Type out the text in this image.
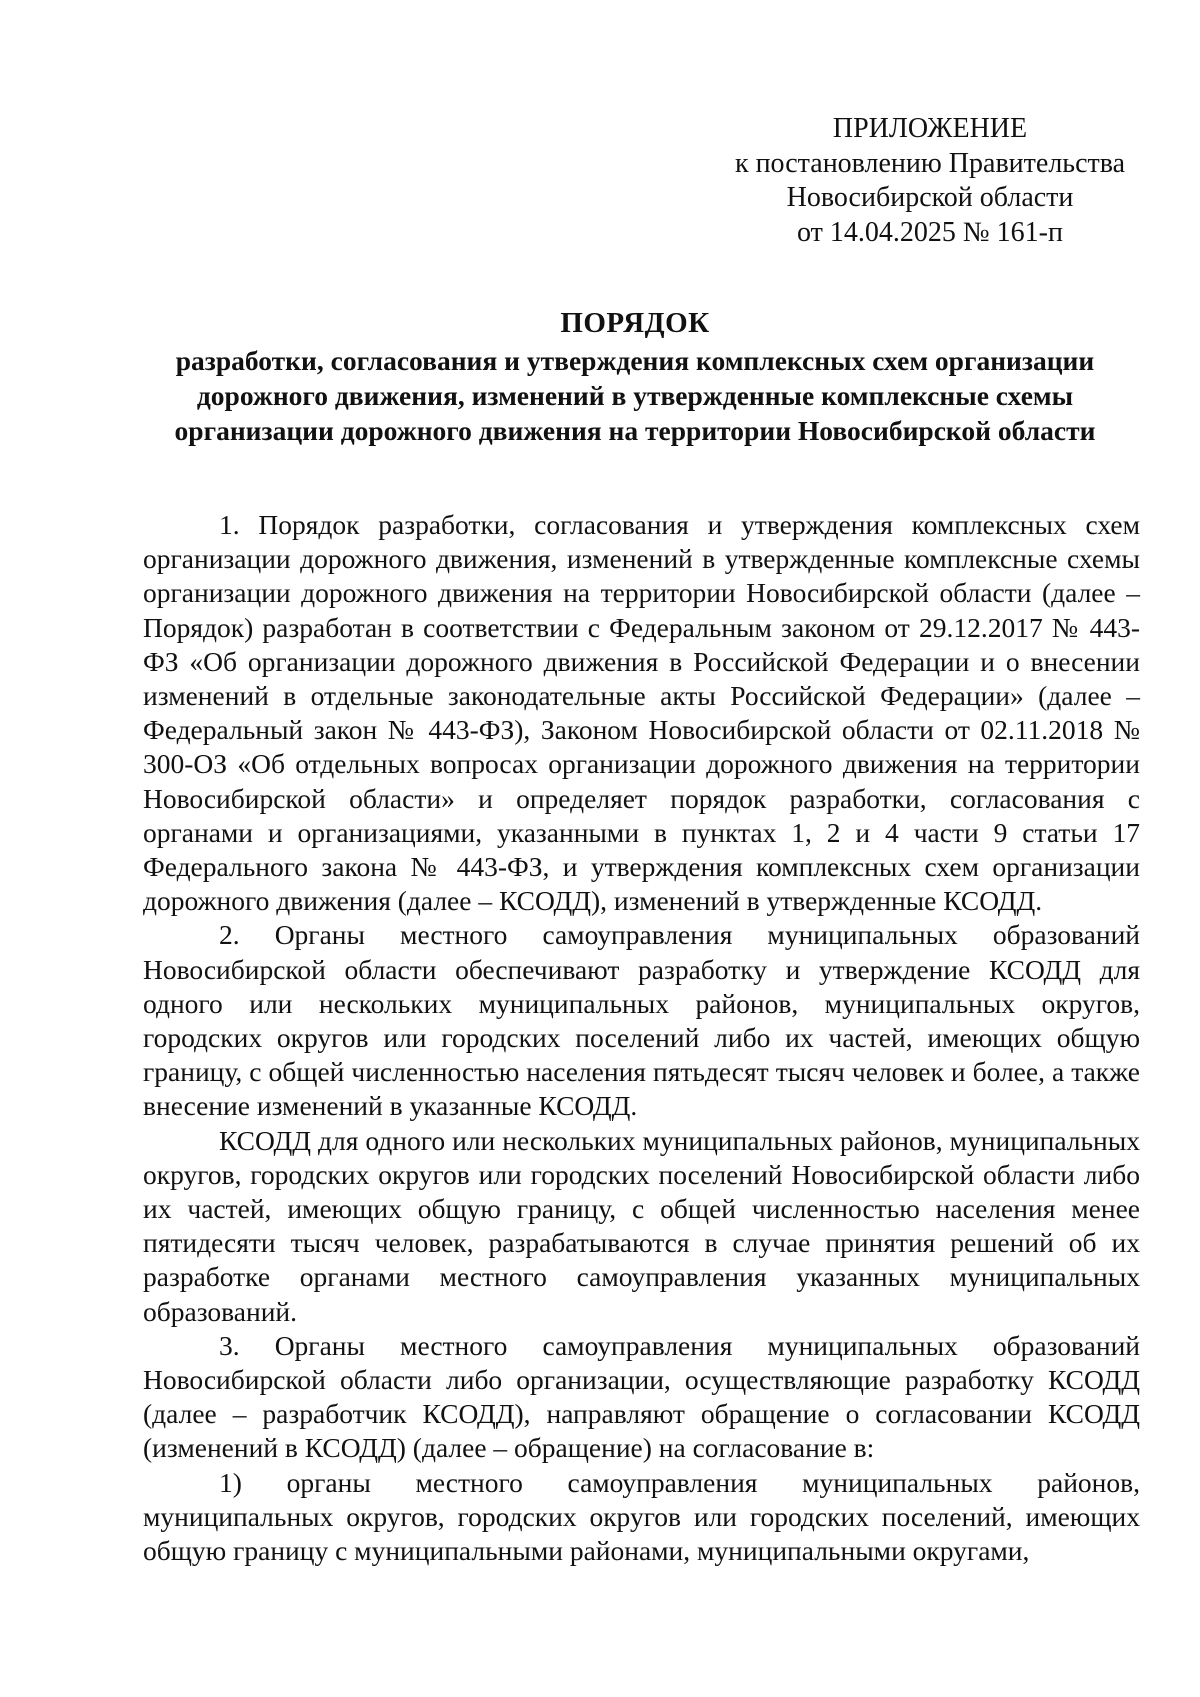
ПРИЛОЖЕНИЕ
к постановлению Правительства
Новосибирской области
от 14.04.2025 № 161-п
ПОРЯДОК
разработки, согласования и утверждения комплексных схем организации дорожного движения, изменений в утвержденные комплексные схемы организации дорожного движения на территории Новосибирской области

1. Порядок разработки, согласования и утверждения комплексных схем организации дорожного движения, изменений в утвержденные комплексные схемы организации дорожного движения на территории Новосибирской области (далее – Порядок) разработан в соответствии с Федеральным законом от 29.12.2017 № 443-ФЗ «Об организации дорожного движения в Российской Федерации и о внесении изменений в отдельные законодательные акты Российской Федерации» (далее – Федеральный закон № 443-ФЗ), Законом Новосибирской области от 02.11.2018 № 300-ОЗ «Об отдельных вопросах организации дорожного движения на территории Новосибирской области» и определяет порядок разработки, согласования с органами и организациями, указанными в пунктах 1, 2 и 4 части 9 статьи 17 Федерального закона № 443-ФЗ, и утверждения комплексных схем организации дорожного движения (далее – КСОДД), изменений в утвержденные КСОДД.

2. Органы местного самоуправления муниципальных образований Новосибирской области обеспечивают разработку и утверждение КСОДД для одного или нескольких муниципальных районов, муниципальных округов, городских округов или городских поселений либо их частей, имеющих общую границу, с общей численностью населения пятьдесят тысяч человек и более, а также внесение изменений в указанные КСОДД.

КСОДД для одного или нескольких муниципальных районов, муниципальных округов, городских округов или городских поселений Новосибирской области либо их частей, имеющих общую границу, с общей численностью населения менее пятидесяти тысяч человек, разрабатываются в случае принятия решений об их разработке органами местного самоуправления указанных муниципальных образований.

3. Органы местного самоуправления муниципальных образований Новосибирской области либо организации, осуществляющие разработку КСОДД (далее – разработчик КСОДД), направляют обращение о согласовании КСОДД (изменений в КСОДД) (далее – обращение) на согласование в:

1) органы местного самоуправления муниципальных районов, муниципальных округов, городских округов или городских поселений, имеющих общую границу с муниципальными районами, муниципальными округами,
